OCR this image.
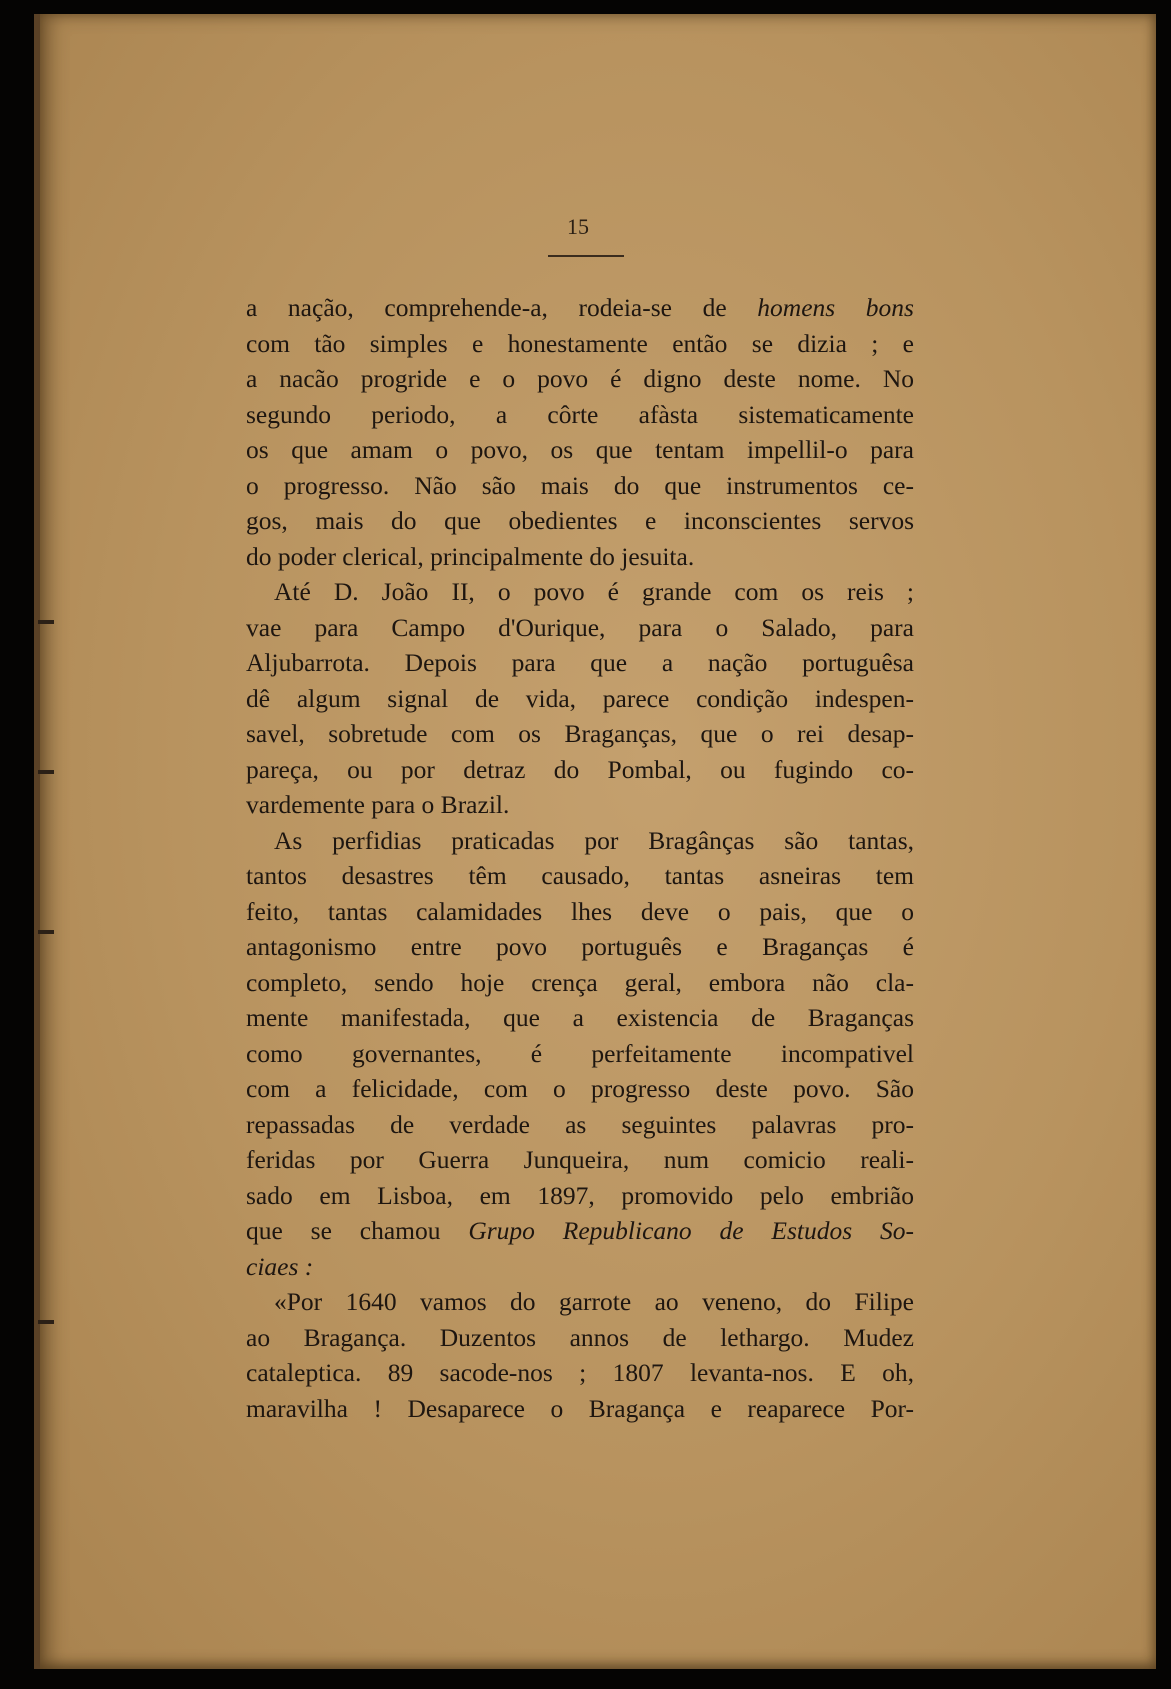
15
a nação, comprehende-a, rodeia-se de homens bons
com tão simples e honestamente então se dizia ; e
a nacão progride e o povo é digno deste nome. No
segundo periodo, a côrte afàsta sistematicamente
os que amam o povo, os que tentam impellil-o para
o progresso. Não são mais do que instrumentos ce-
gos, mais do que obedientes e inconscientes servos
do poder clerical, principalmente do jesuita.
Até D. João II, o povo é grande com os reis ;
vae para Campo d'Ourique, para o Salado, para
Aljubarrota. Depois para que a nação portuguêsa
dê algum signal de vida, parece condição indespen-
savel, sobretude com os Braganças, que o rei desap-
pareça, ou por detraz do Pombal, ou fugindo co-
vardemente para o Brazil.
As perfidias praticadas por Bragânças são tantas,
tantos desastres têm causado, tantas asneiras tem
feito, tantas calamidades lhes deve o pais, que o
antagonismo entre povo português e Braganças é
completo, sendo hoje crença geral, embora não cla-
mente manifestada, que a existencia de Braganças
como governantes, é perfeitamente incompativel
com a felicidade, com o progresso deste povo. São
repassadas de verdade as seguintes palavras pro-
feridas por Guerra Junqueira, num comicio reali-
sado em Lisboa, em 1897, promovido pelo embrião
que se chamou Grupo Republicano de Estudos So-
ciaes :
«Por 1640 vamos do garrote ao veneno, do Filipe
ao Bragança. Duzentos annos de lethargo. Mudez
cataleptica. 89 sacode-nos ; 1807 levanta-nos. E oh,
maravilha ! Desaparece o Bragança e reaparece Por-
